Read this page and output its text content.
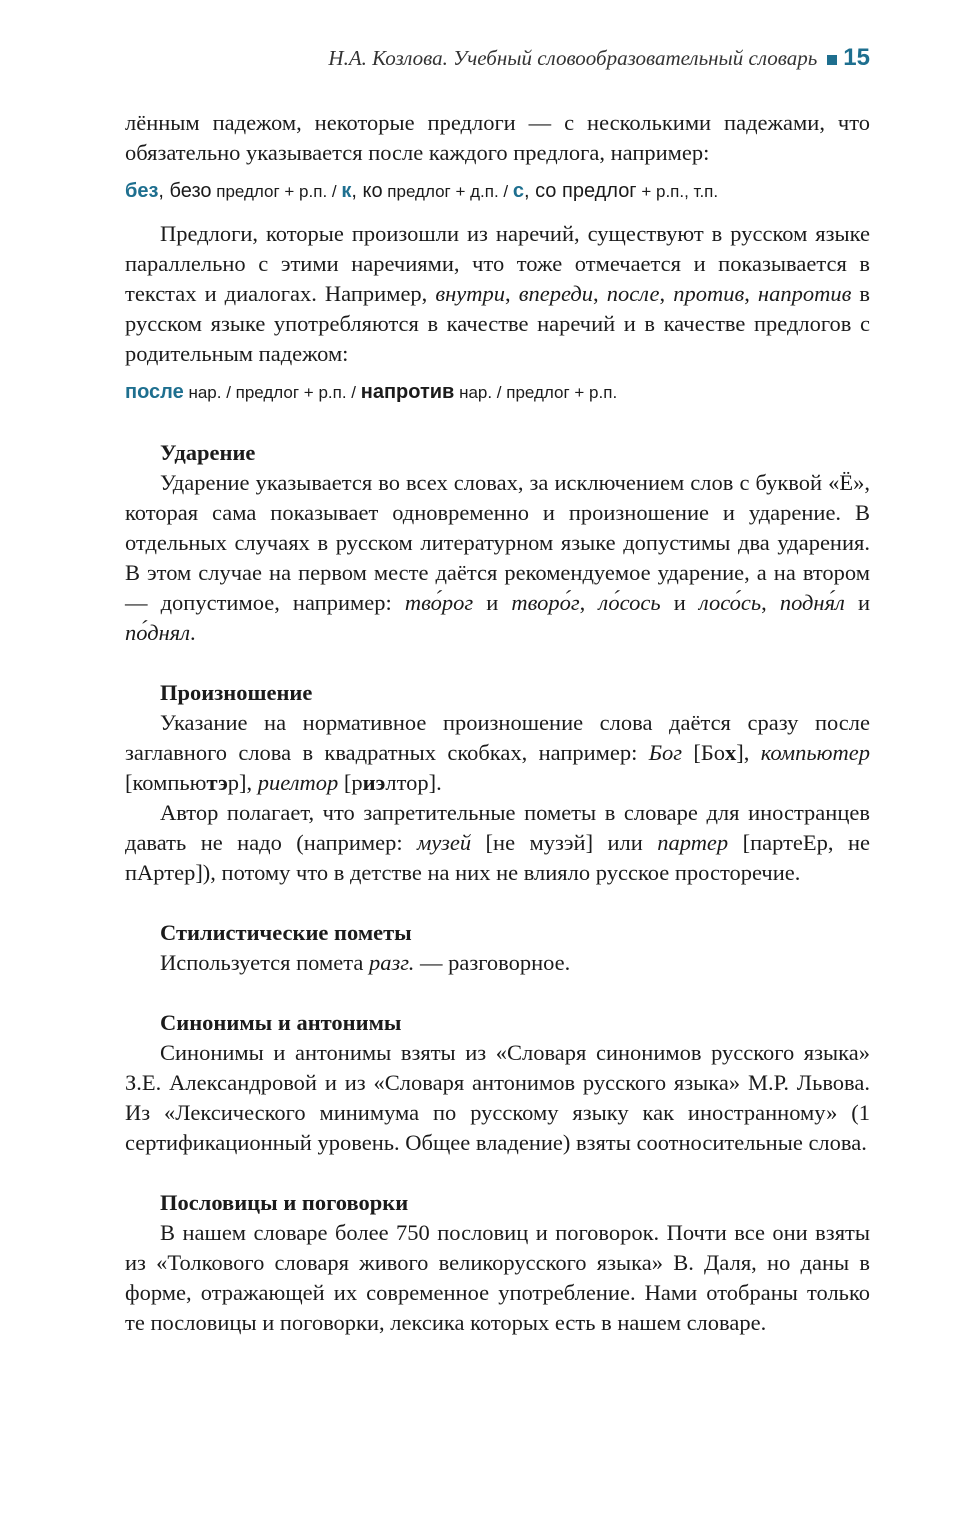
Н.А. Козлова. Учебный словообразовательный словарь 15

лённым падежом, некоторые предлоги — с несколькими падежами, что обязательно указывается после каждого предлога, например:

без, безо предлог + р.п. / к, ко предлог + д.п. / с, со предлог + р.п., т.п.

Предлоги, которые произошли из наречий, существуют в русском языке параллельно с этими наречиями, что тоже отмечается и показывается в текстах и диалогах. Например, внутри, впереди, после, против, напротив в русском языке употребляются в качестве наречий и в качестве предлогов с родительным падежом:

после нар. / предлог + р.п. / напротив нар. / предлог + р.п.
Ударение

Ударение указывается во всех словах, за исключением слов с буквой «Ё», которая сама показывает одновременно и произношение и ударение. В отдельных случаях в русском литературном языке допустимы два ударения. В этом случае на первом месте даётся рекомендуемое ударение, а на втором — допустимое, например: тво́рог и творо́г, ло́сось и лосо́сь, подня́л и по́днял.

Произношение

Указание на нормативное произношение слова даётся сразу после заглавного слова в квадратных скобках, например: Бог [Бох], компьютер [компьютэр], риелтор [риэлтор].

Автор полагает, что запретительные пометы в словаре для иностранцев давать не надо (например: музей [не музэй] или партер [партеЕр, не пАртер]), потому что в детстве на них не влияло русское просторечие.

Стилистические пометы

Используется помета разг. — разговорное.

Синонимы и антонимы

Синонимы и антонимы взяты из «Словаря синонимов русского языка» З.Е. Александровой и из «Словаря антонимов русского языка» М.Р. Львова. Из «Лексического минимума по русскому языку как иностранному» (1 сертификационный уровень. Общее владение) взяты соотносительные слова.

Пословицы и поговорки

В нашем словаре более 750 пословиц и поговорок. Почти все они взяты из «Толкового словаря живого великорусского языка» В. Даля, но даны в форме, отражающей их современное употребление. Нами отобраны только те пословицы и поговорки, лексика которых есть в нашем словаре.
